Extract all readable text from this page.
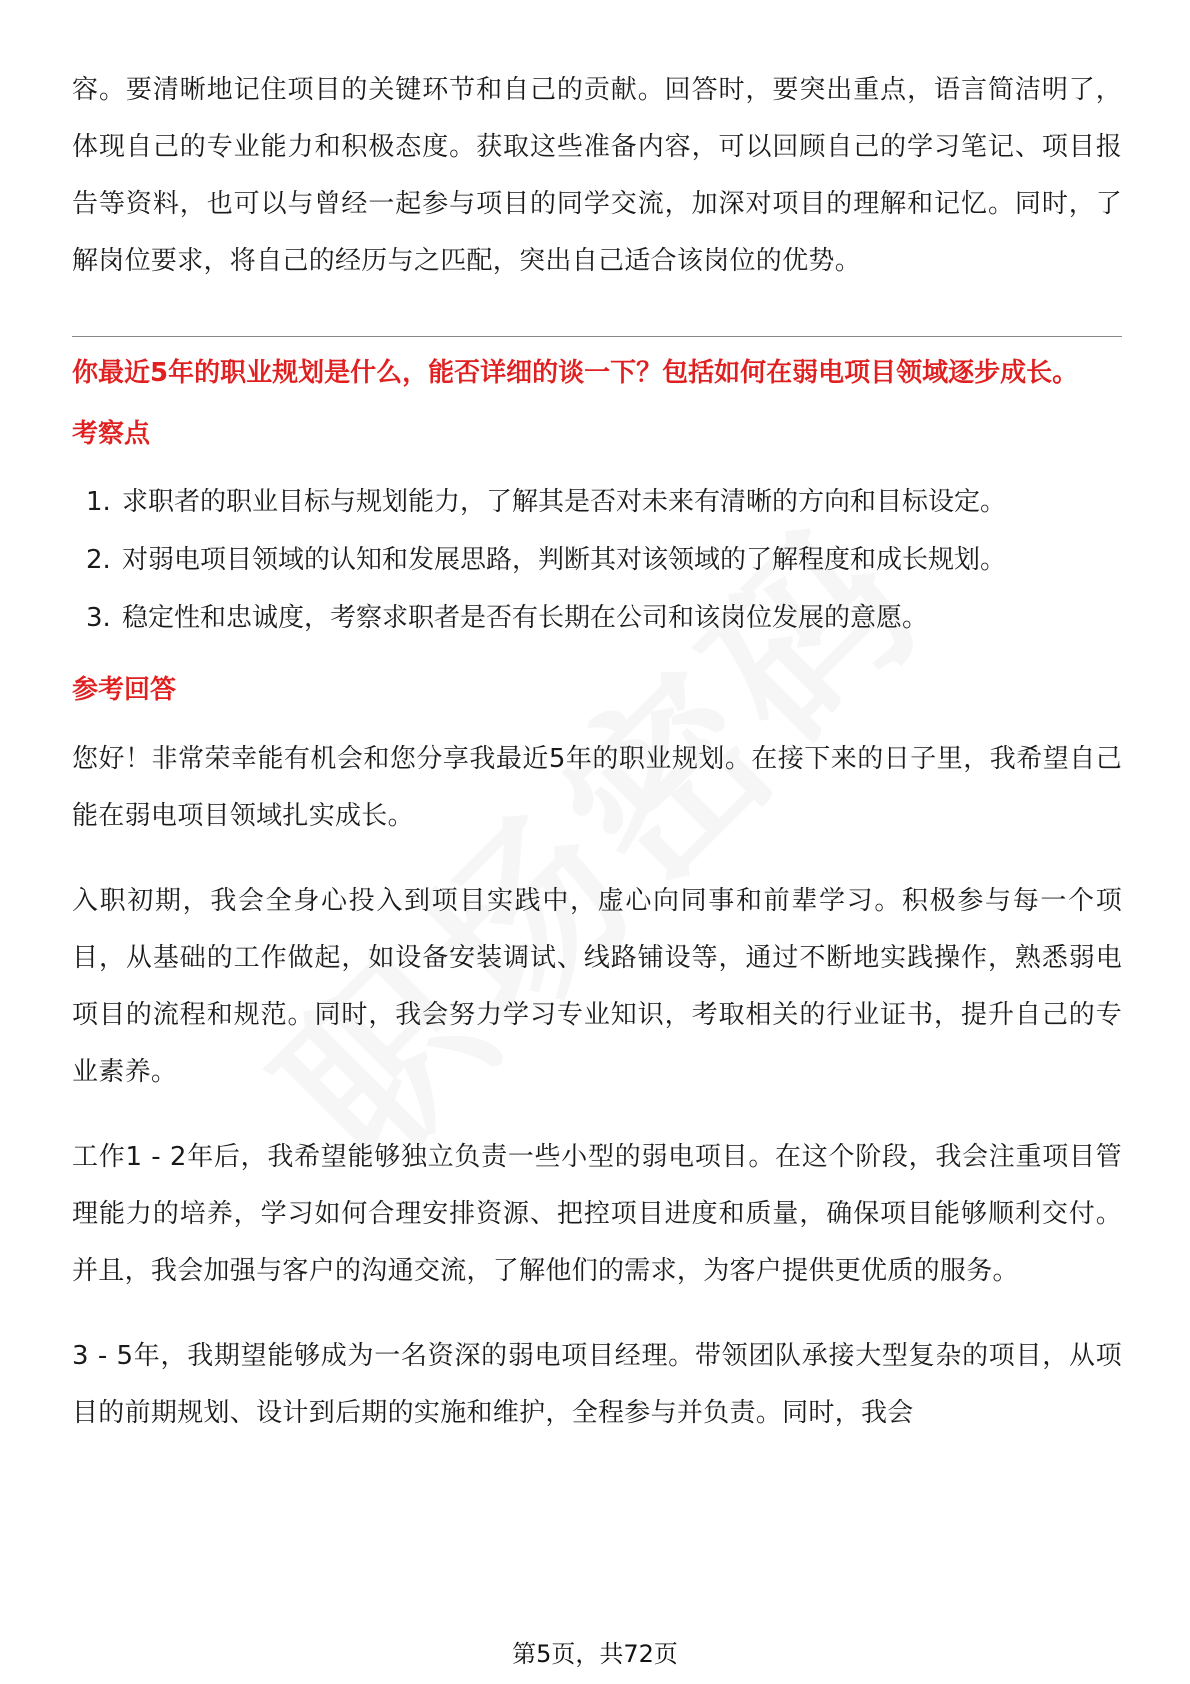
容。要清晰地记住项目的关键环节和自己的贡献。回答时，要突出重点，语言简洁明了，体现自己的专业能力和积极态度。获取这些准备内容，可以回顾自己的学习笔记、项目报告等资料，也可以与曾经一起参与项目的同学交流，加深对项目的理解和记忆。同时，了解岗位要求，将自己的经历与之匹配，突出自己适合该岗位的优势。

你最近5年的职业规划是什么，能否详细的谈一下？包括如何在弱电项目领域逐步成长。
考察点
1. 求职者的职业目标与规划能力，了解其是否对未来有清晰的方向和目标设定。
2. 对弱电项目领域的认知和发展思路，判断其对该领域的了解程度和成长规划。
3. 稳定性和忠诚度，考察求职者是否有长期在公司和该岗位发展的意愿。
参考回答

您好！非常荣幸能有机会和您分享我最近5年的职业规划。在接下来的日子里，我希望自己能在弱电项目领域扎实成长。

入职初期，我会全身心投入到项目实践中，虚心向同事和前辈学习。积极参与每一个项目，从基础的工作做起，如设备安装调试、线路铺设等，通过不断地实践操作，熟悉弱电项目的流程和规范。同时，我会努力学习专业知识，考取相关的行业证书，提升自己的专业素养。

工作1 - 2年后，我希望能够独立负责一些小型的弱电项目。在这个阶段，我会注重项目管理能力的培养，学习如何合理安排资源、把控项目进度和质量，确保项目能够顺利交付。并且，我会加强与客户的沟通交流，了解他们的需求，为客户提供更优质的服务。

3 - 5年，我期望能够成为一名资深的弱电项目经理。带领团队承接大型复杂的项目，从项目的前期规划、设计到后期的实施和维护，全程参与并负责。同时，我会

第5页，共72页
